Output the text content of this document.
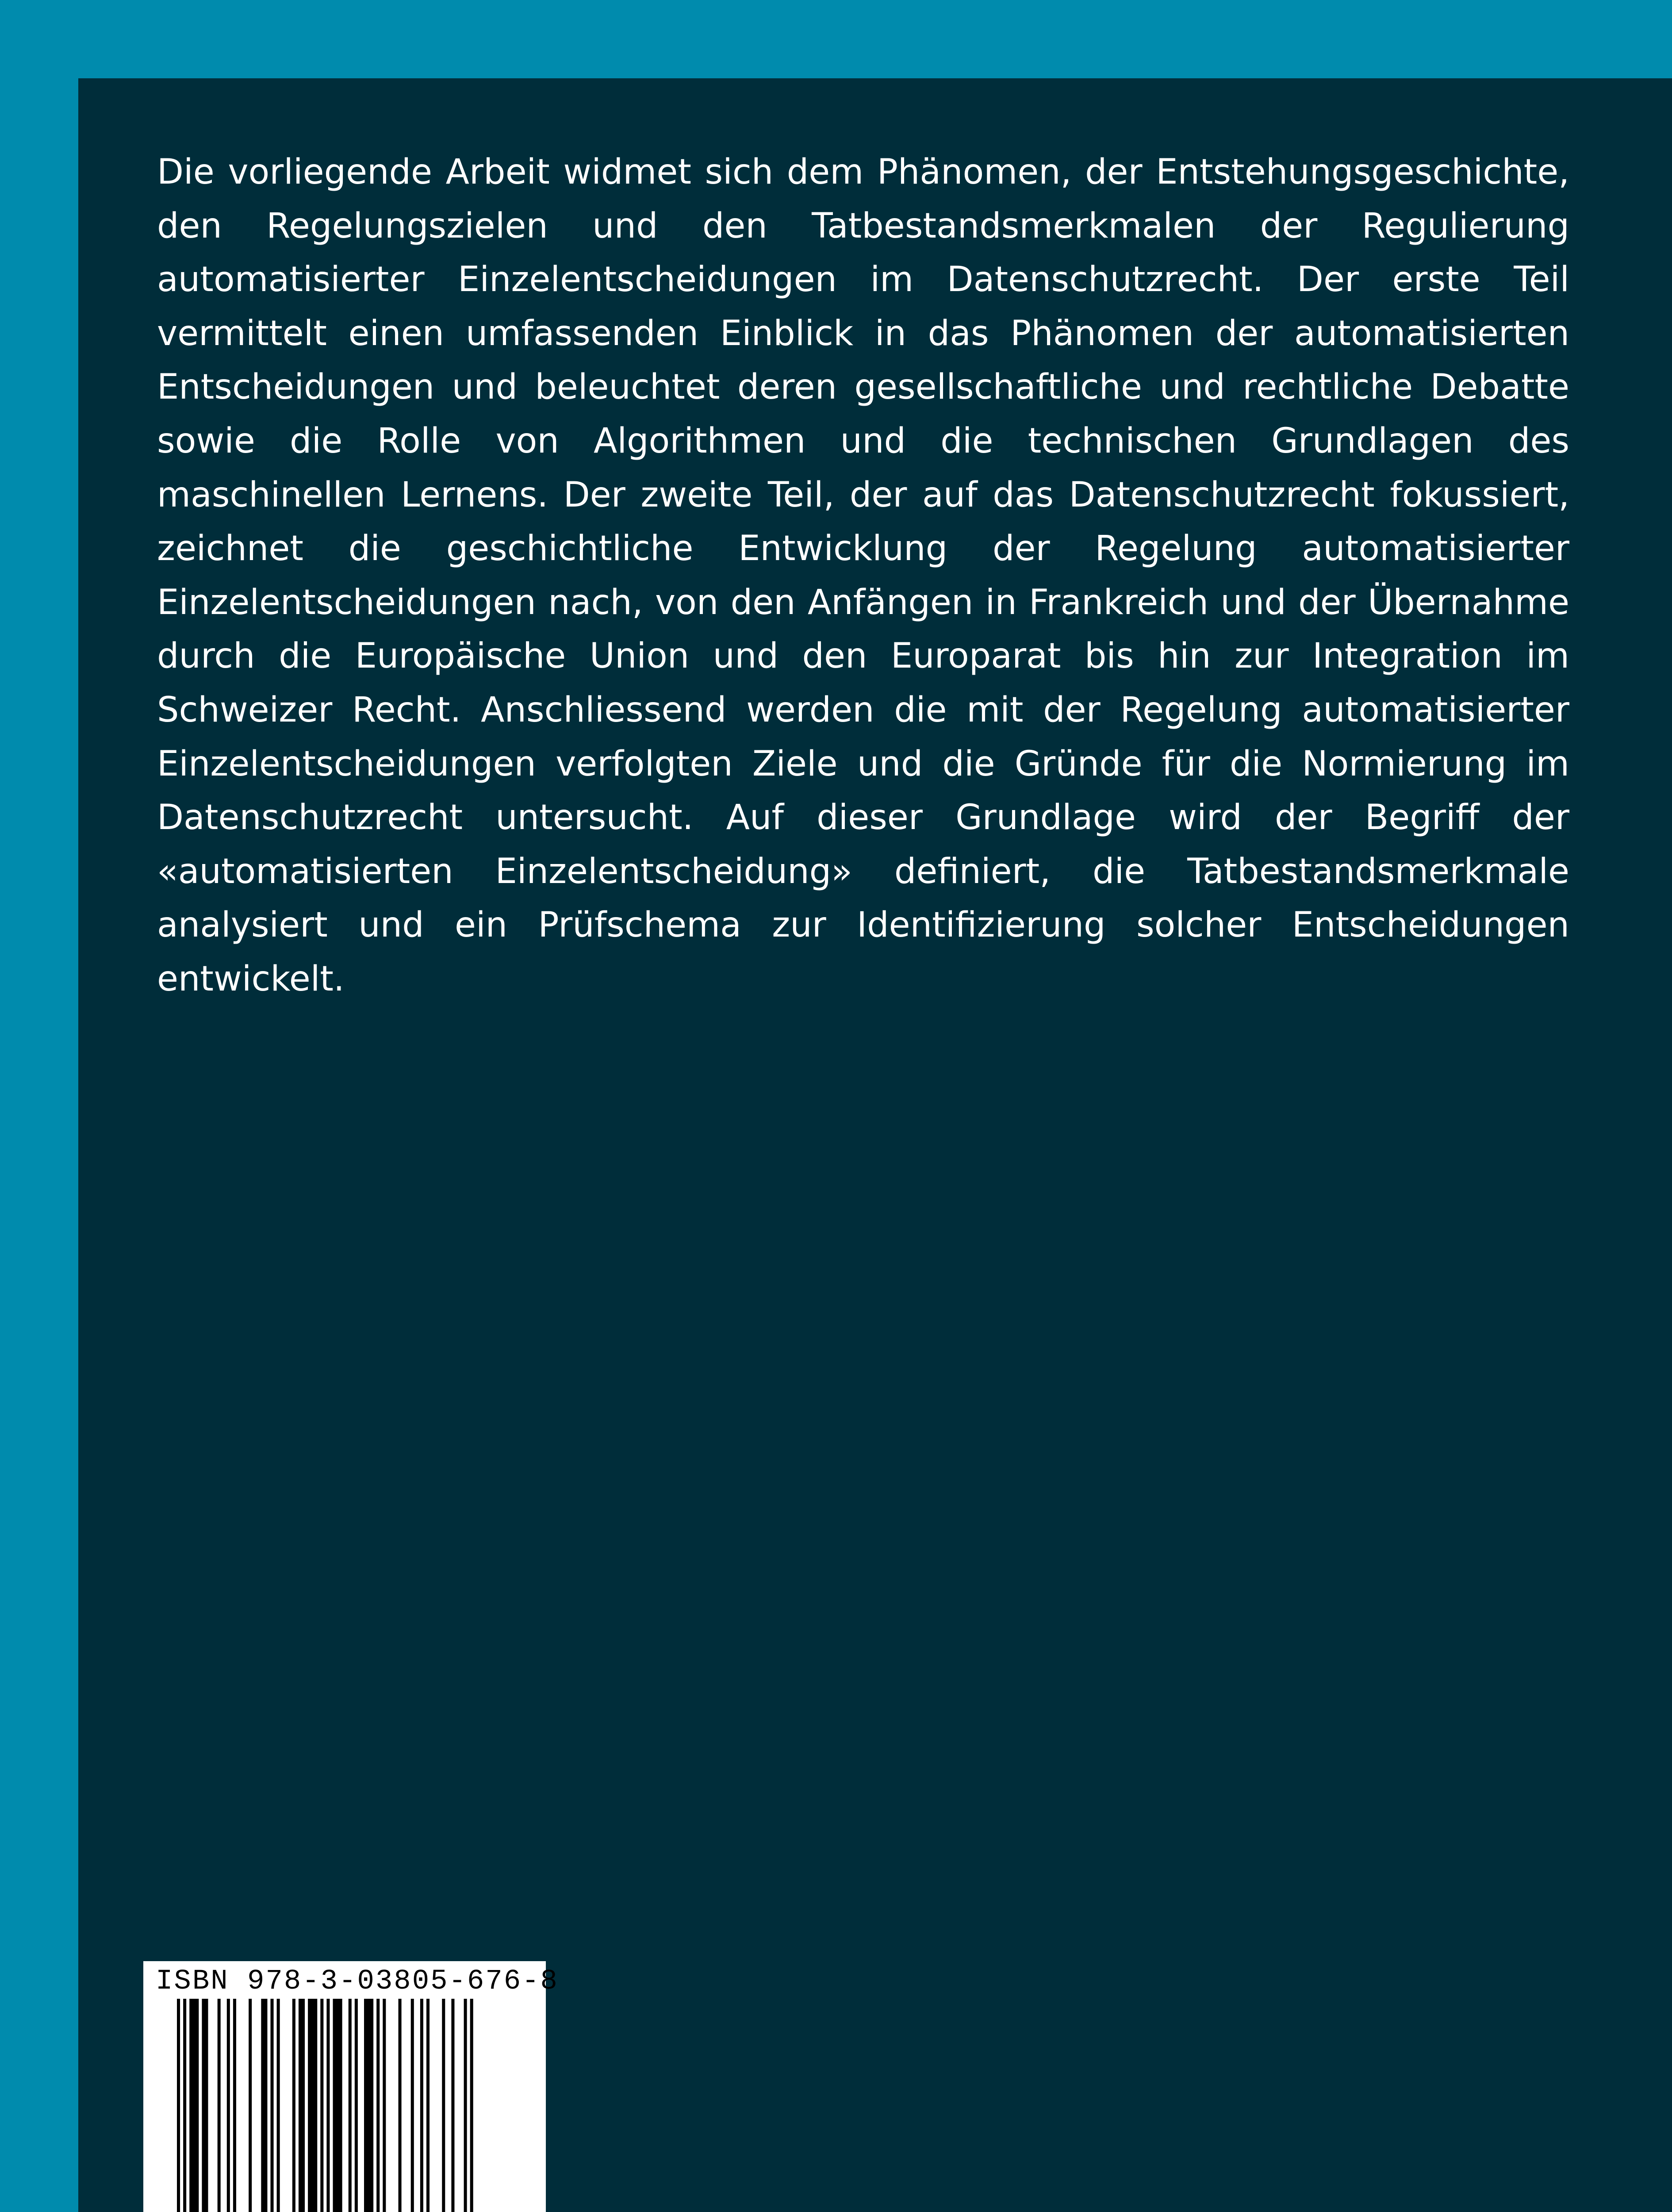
Die vorliegende Arbeit widmet sich dem Phänomen, der Entstehungsgeschichte, den Regelungszielen und den Tatbestandsmerkmalen der Regulierung automatisierter Einzelentscheidungen im Datenschutzrecht. Der erste Teil vermittelt einen umfassenden Einblick in das Phänomen der automatisierten Entscheidungen und beleuchtet deren gesellschaftliche und rechtliche Debatte sowie die Rolle von Algorithmen und die technischen Grundlagen des maschinellen Lernens. Der zweite Teil, der auf das Datenschutzrecht fokussiert, zeichnet die geschichtliche Entwicklung der Regelung automatisierter Einzelentscheidungen nach, von den Anfängen in Frankreich und der Übernahme durch die Europäische Union und den Europarat bis hin zur Integration im Schweizer Recht. Anschliessend werden die mit der Regelung automatisierter Einzelentscheidungen verfolgten Ziele und die Gründe für die Normierung im Datenschutzrecht untersucht. Auf dieser Grundlage wird der Begriff der «automatisierten Einzelentscheidung» definiert, die Tatbestandsmerkmale analysiert und ein Prüfschema zur Identifizierung solcher Entscheidungen entwickelt.

ISBN 978-3-03805-676-8
